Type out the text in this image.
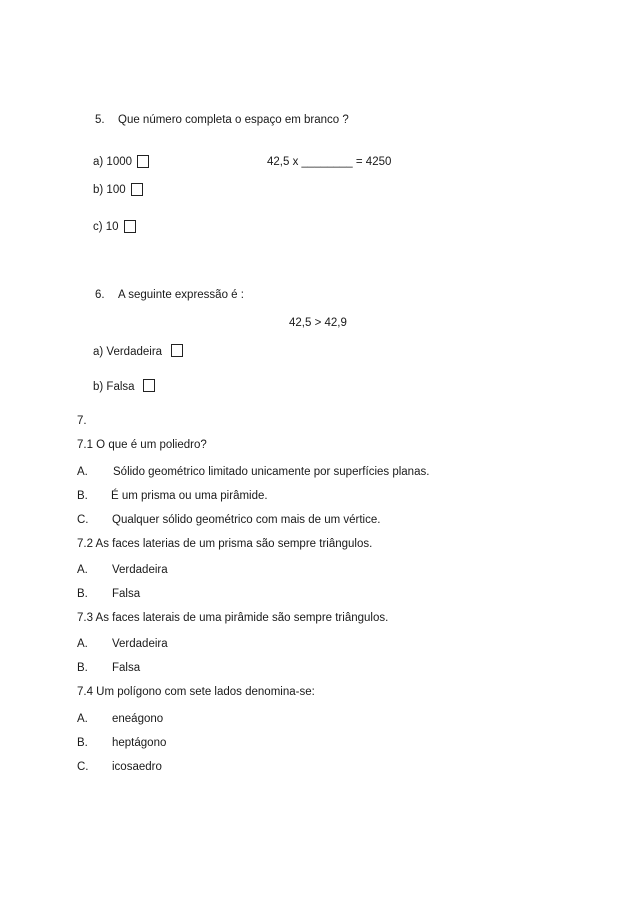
5. Que número completa o espaço em branco ?
a) 1000	42,5 x ________ = 4250
b) 100
c) 10
6. A seguinte expressão é :
42,5 > 42,9
a) Verdadeira
b) Falsa
7.
7.1 O que é um poliedro?
A. Sólido geométrico limitado unicamente por superfícies planas.
B. É um prisma ou uma pirâmide.
C. Qualquer sólido geométrico com mais de um vértice.
7.2 As faces laterias de um prisma são sempre triângulos.
A. Verdadeira
B. Falsa
7.3 As faces laterais de uma pirâmide são sempre triângulos.
A. Verdadeira
B. Falsa
7.4 Um polígono com sete lados denomina-se:
A. eneágono
B. heptágono
C. icosaedro
